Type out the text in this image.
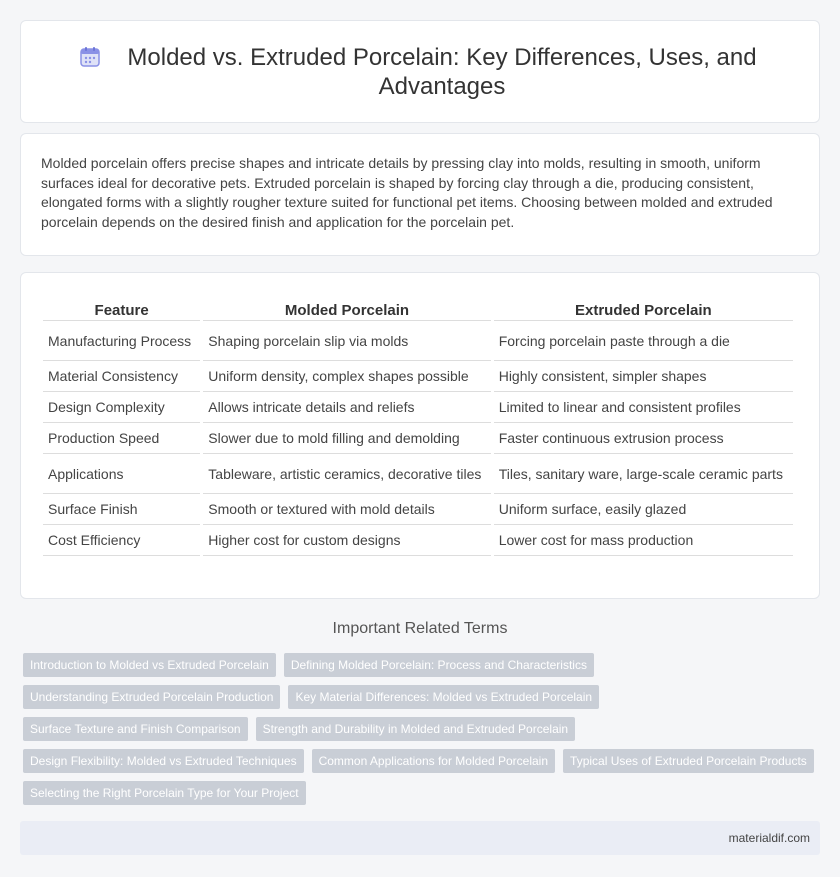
Molded vs. Extruded Porcelain: Key Differences, Uses, and Advantages

Molded porcelain offers precise shapes and intricate details by pressing clay into molds, resulting in smooth, uniform surfaces ideal for decorative pets. Extruded porcelain is shaped by forcing clay through a die, producing consistent, elongated forms with a slightly rougher texture suited for functional pet items. Choosing between molded and extruded porcelain depends on the desired finish and application for the porcelain pet.

Feature	Molded Porcelain	Extruded Porcelain
Manufacturing Process	Shaping porcelain slip via molds	Forcing porcelain paste through a die
Material Consistency	Uniform density, complex shapes possible	Highly consistent, simpler shapes
Design Complexity	Allows intricate details and reliefs	Limited to linear and consistent profiles
Production Speed	Slower due to mold filling and demolding	Faster continuous extrusion process
Applications	Tableware, artistic ceramics, decorative tiles	Tiles, sanitary ware, large-scale ceramic parts
Surface Finish	Smooth or textured with mold details	Uniform surface, easily glazed
Cost Efficiency	Higher cost for custom designs	Lower cost for mass production
Important Related Terms
Introduction to Molded vs Extruded Porcelain	Defining Molded Porcelain: Process and Characteristics
Understanding Extruded Porcelain Production	Key Material Differences: Molded vs Extruded Porcelain
Surface Texture and Finish Comparison	Strength and Durability in Molded and Extruded Porcelain
Design Flexibility: Molded vs Extruded Techniques	Common Applications for Molded Porcelain	Typical Uses of Extruded Porcelain Products
Selecting the Right Porcelain Type for Your Project
materialdif.com
